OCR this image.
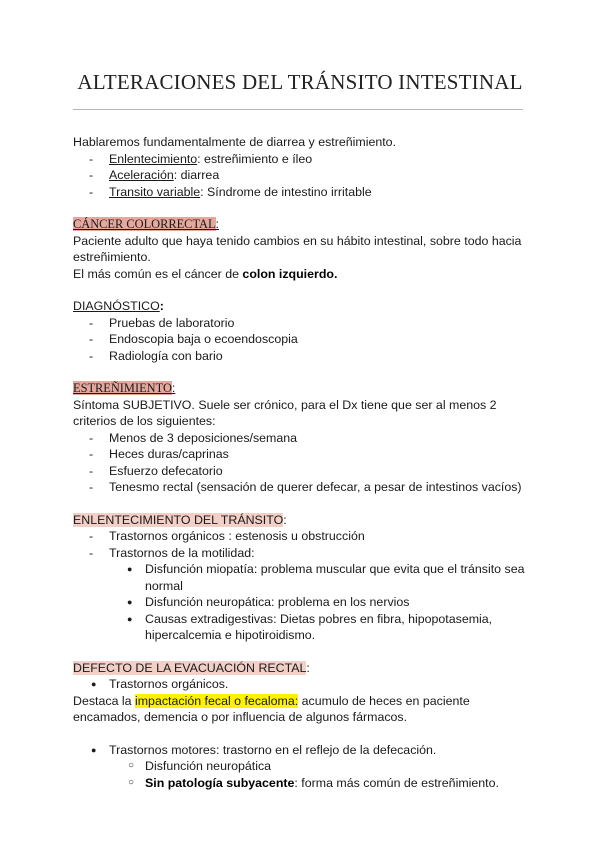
ALTERACIONES DEL TRÁNSITO INTESTINAL

Hablaremos fundamentalmente de diarrea y estreñimiento.

- Enlentecimiento: estreñimiento e íleo
- Aceleración: diarrea
- Transito variable: Síndrome de intestino irritable

CÁNCER COLORRECTAL:

Paciente adulto que haya tenido cambios en su hábito intestinal, sobre todo hacia estreñimiento.

El más común es el cáncer de colon izquierdo.

DIAGNÓSTICO:

- Pruebas de laboratorio
- Endoscopia baja o ecoendoscopia
- Radiología con bario

ESTREÑIMIENTO:

Síntoma SUBJETIVO. Suele ser crónico, para el Dx tiene que ser al menos 2 criterios de los siguientes:

- Menos de 3 deposiciones/semana
- Heces duras/caprinas
- Esfuerzo defecatorio
- Tenesmo rectal (sensación de querer defecar, a pesar de intestinos vacíos)

ENLENTECIMIENTO DEL TRÁNSITO:

- Trastornos orgánicos : estenosis u obstrucción
- Trastornos de la motilidad:
● Disfunción miopatía: problema muscular que evita que el tránsito sea normal
● Disfunción neuropática: problema en los nervios
● Causas extradigestivas: Dietas pobres en fibra, hipopotasemia, hipercalcemia e hipotiroidismo.

DEFECTO DE LA EVACUACIÓN RECTAL:

● Trastornos orgánicos.

Destaca la impactación fecal o fecaloma: acumulo de heces en paciente encamados, demencia o por influencia de algunos fármacos.

● Trastornos motores: trastorno en el reflejo de la defecación.
○ Disfunción neuropática
○ Sin patología subyacente: forma más común de estreñimiento.
